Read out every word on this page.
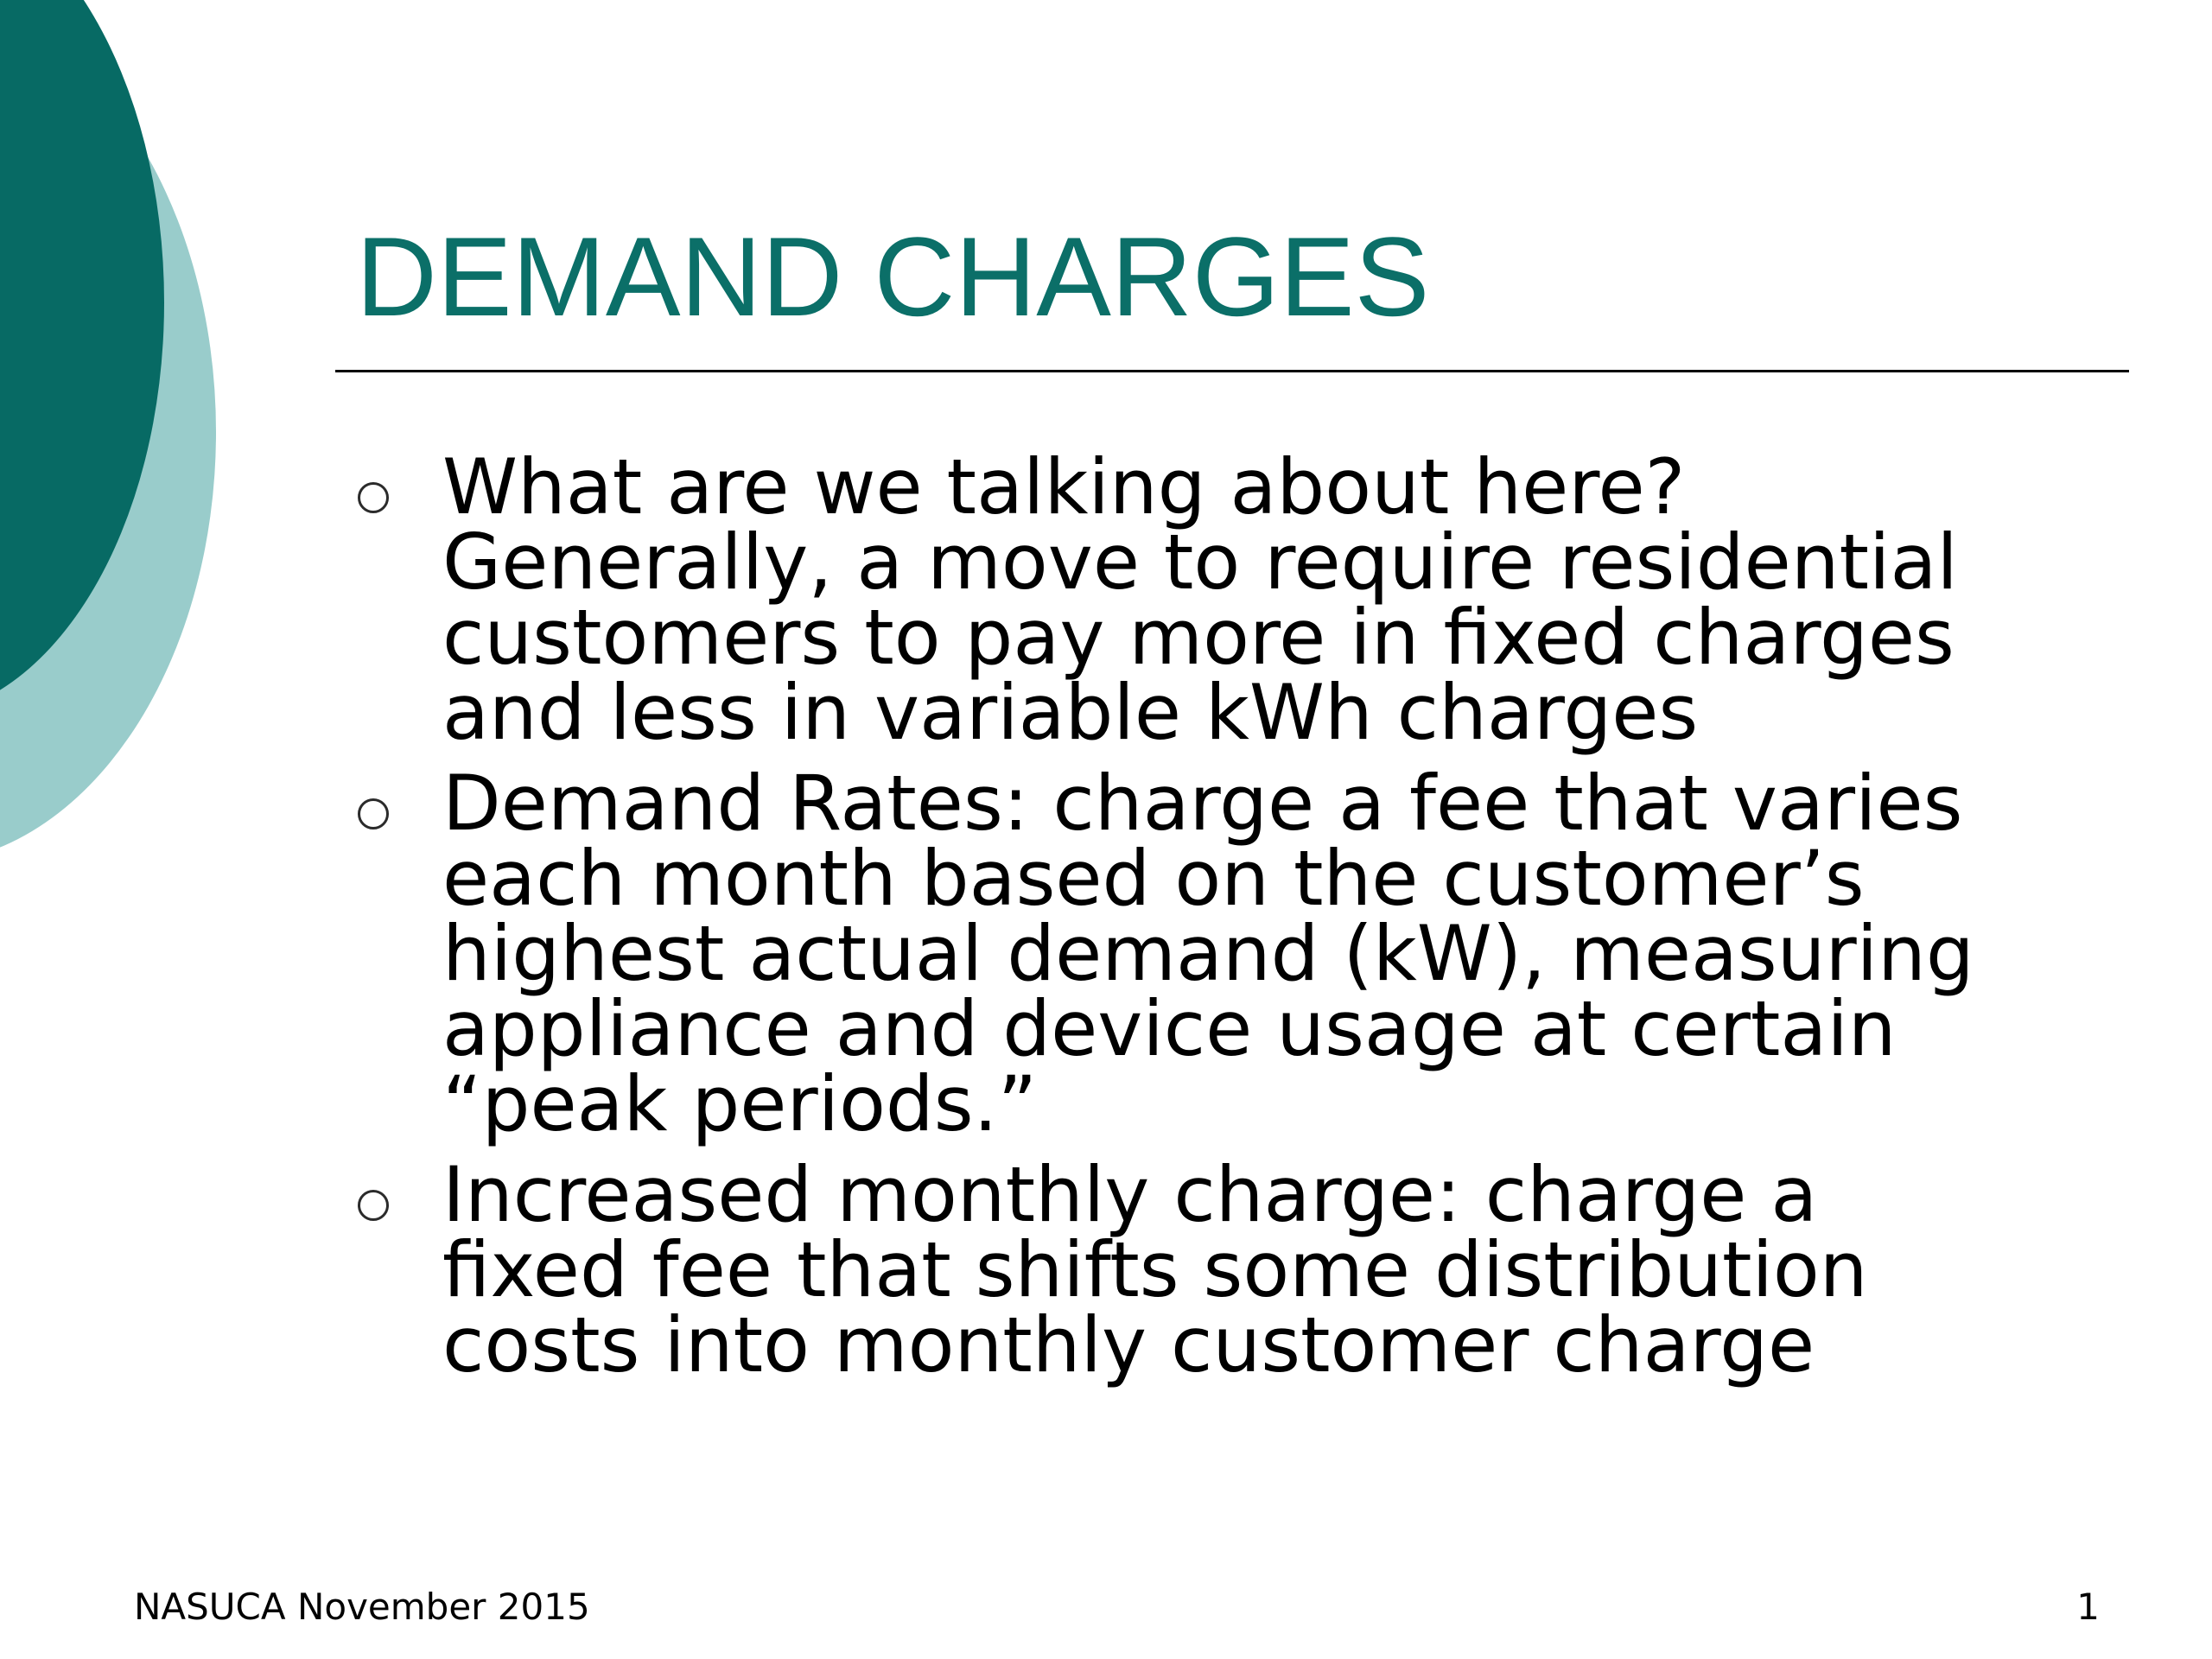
DEMAND CHARGES
What are we talking about here?
Generally, a move to require residential
customers to pay more in fixed charges
and less in variable kWh charges
Demand Rates: charge a fee that varies
each month based on the customer’s
highest actual demand (kW), measuring
appliance and device usage at certain
“peak periods.”
Increased monthly charge: charge a
fixed fee that shifts some distribution
costs into monthly customer charge
NASUCA November 2015	1
